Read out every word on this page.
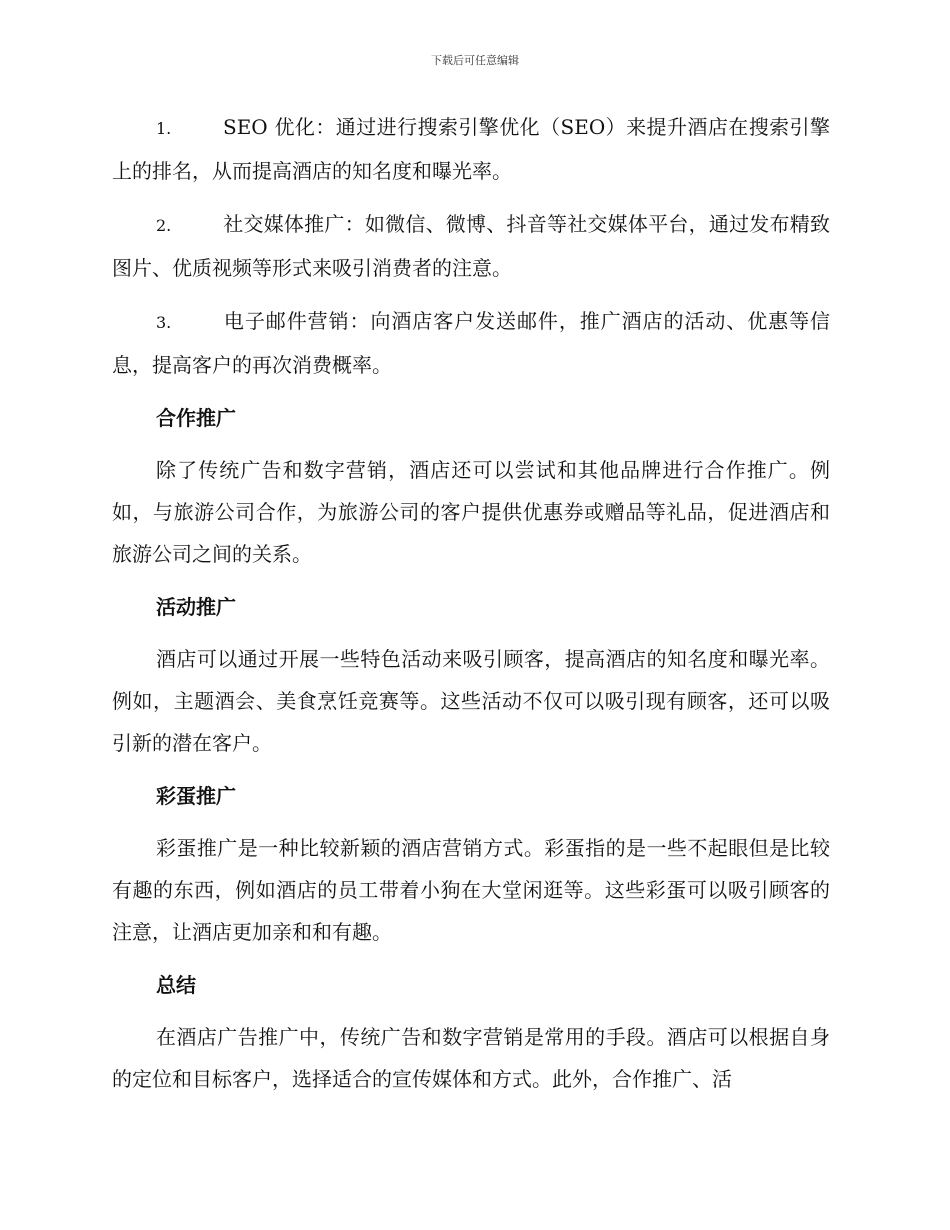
下载后可任意编辑

1.	SEO 优化：通过进行搜索引擎优化（SEO）来提升酒店在搜索引擎上的排名，从而提高酒店的知名度和曝光率。

2.	社交媒体推广：如微信、微博、抖音等社交媒体平台，通过发布精致图片、优质视频等形式来吸引消费者的注意。

3.	电子邮件营销：向酒店客户发送邮件，推广酒店的活动、优惠等信息，提高客户的再次消费概率。

合作推广

除了传统广告和数字营销，酒店还可以尝试和其他品牌进行合作推广。例如，与旅游公司合作，为旅游公司的客户提供优惠券或赠品等礼品，促进酒店和旅游公司之间的关系。

活动推广

酒店可以通过开展一些特色活动来吸引顾客，提高酒店的知名度和曝光率。例如，主题酒会、美食烹饪竞赛等。这些活动不仅可以吸引现有顾客，还可以吸引新的潜在客户。

彩蛋推广

彩蛋推广是一种比较新颖的酒店营销方式。彩蛋指的是一些不起眼但是比较有趣的东西，例如酒店的员工带着小狗在大堂闲逛等。这些彩蛋可以吸引顾客的注意，让酒店更加亲和和有趣。

总结

在酒店广告推广中，传统广告和数字营销是常用的手段。酒店可以根据自身的定位和目标客户，选择适合的宣传媒体和方式。此外，合作推广、活
